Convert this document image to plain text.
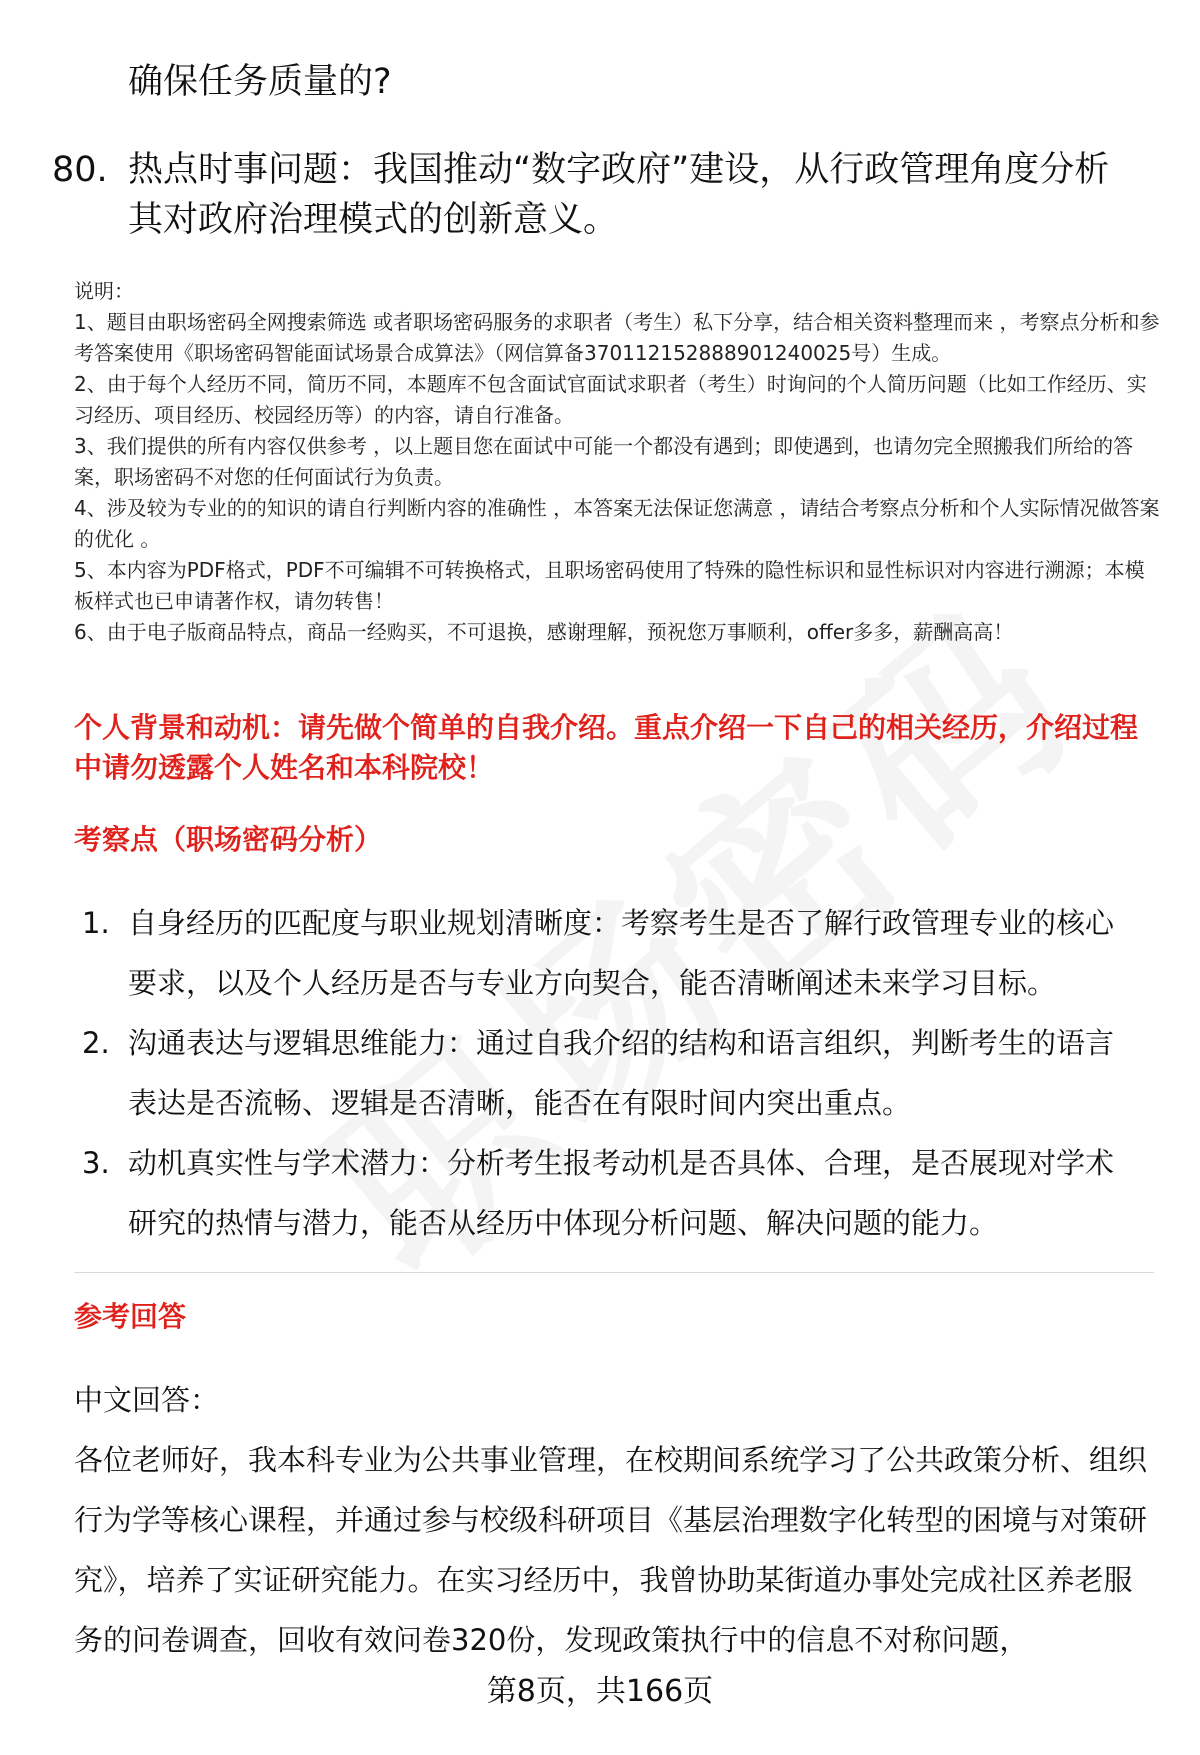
确保任务质量的?
80. 热点时事问题：我国推动“数字政府”建设，从行政管理角度分析其对政府治理模式的创新意义。

说明：

1、题目由职场密码全网搜索筛选 或者职场密码服务的求职者（考生）私下分享，结合相关资料整理而来 ，考察点分析和参考答案使用《职场密码智能面试场景合成算法》（网信算备370112152888901240025号）生成。

2、由于每个人经历不同，简历不同，本题库不包含面试官面试求职者（考生）时询问的个人简历问题（比如工作经历、实习经历、项目经历、校园经历等）的内容，请自行准备。

3、我们提供的所有内容仅供参考 ，以上题目您在面试中可能一个都没有遇到；即使遇到，也请勿完全照搬我们所给的答案，职场密码不对您的任何面试行为负责。

4、涉及较为专业的的知识的请自行判断内容的准确性 ，本答案无法保证您满意 ，请结合考察点分析和个人实际情况做答案的优化 。

5、本内容为PDF格式，PDF不可编辑不可转换格式，且职场密码使用了特殊的隐性标识和显性标识对内容进行溯源；本模板样式也已申请著作权，请勿转售！

6、由于电子版商品特点，商品一经购买，不可退换，感谢理解，预祝您万事顺利，offer多多，薪酬高高！

个人背景和动机：请先做个简单的自我介绍。重点介绍一下自己的相关经历，介绍过程中请勿透露个人姓名和本科院校！
考察点（职场密码分析）
1. 自身经历的匹配度与职业规划清晰度：考察考生是否了解行政管理专业的核心要求，以及个人经历是否与专业方向契合，能否清晰阐述未来学习目标。
2. 沟通表达与逻辑思维能力：通过自我介绍的结构和语言组织，判断考生的语言表达是否流畅、逻辑是否清晰，能否在有限时间内突出重点。
3. 动机真实性与学术潜力：分析考生报考动机是否具体、合理，是否展现对学术研究的热情与潜力，能否从经历中体现分析问题、解决问题的能力。
参考回答
中文回答：
各位老师好，我本科专业为公共事业管理，在校期间系统学习了公共政策分析、组织行为学等核心课程，并通过参与校级科研项目《基层治理数字化转型的困境与对策研究》，培养了实证研究能力。在实习经历中，我曾协助某街道办事处完成社区养老服务的问卷调查，回收有效问卷320份，发现政策执行中的信息不对称问题，
第8页，共166页
